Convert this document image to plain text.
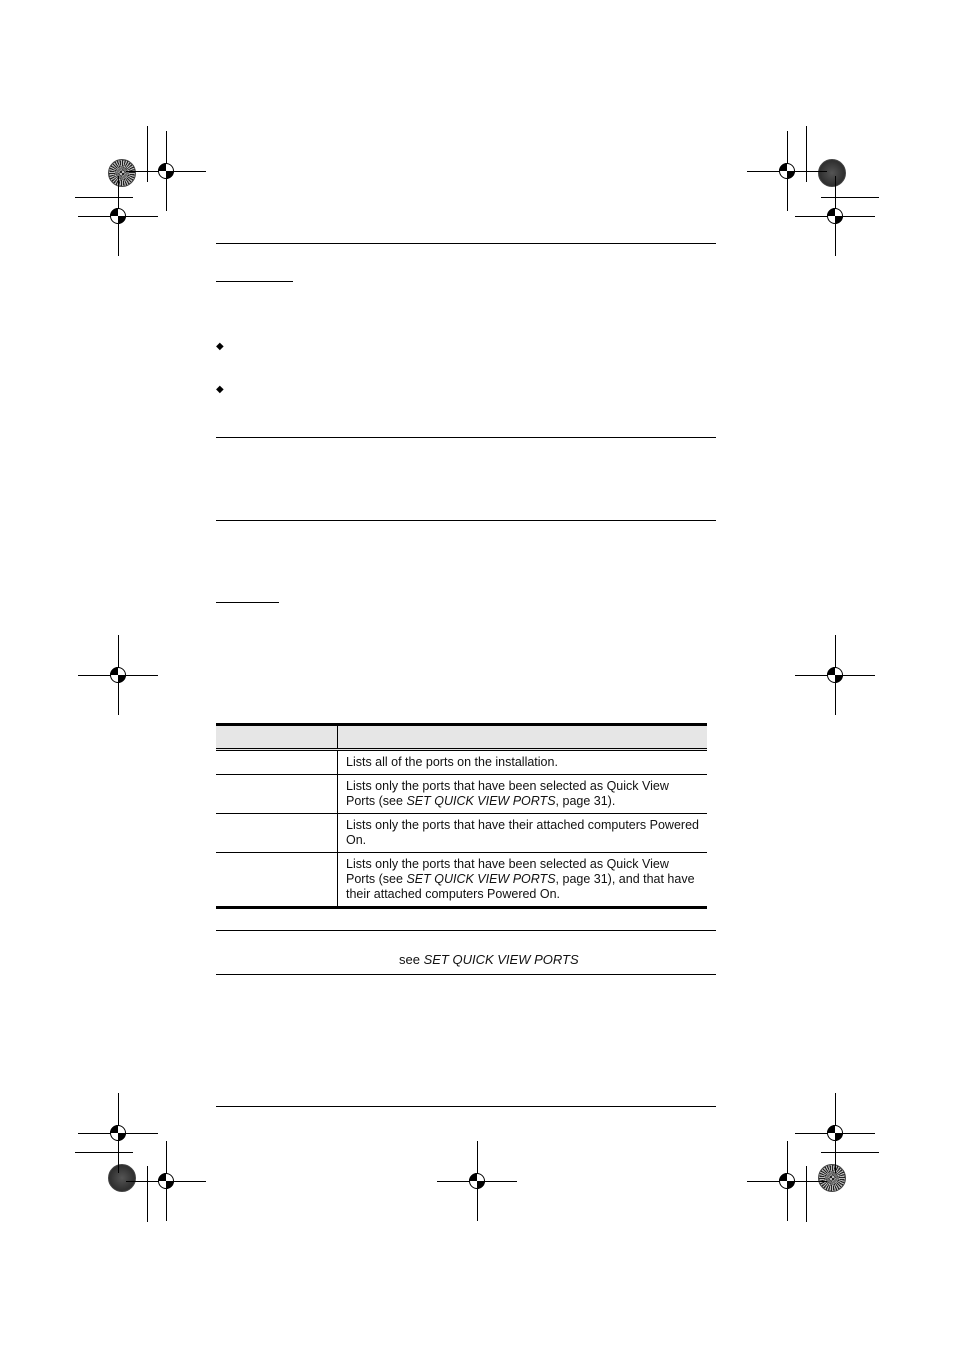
◆
◆

	Lists all of the ports on the installation.
	Lists only the ports that have been selected as Quick View Ports (see SET QUICK VIEW PORTS, page 31).
	Lists only the ports that have their attached computers Powered On.
	Lists only the ports that have been selected as Quick View Ports (see SET QUICK VIEW PORTS, page 31), and that have their attached computers Powered On.
see SET QUICK VIEW PORTS
